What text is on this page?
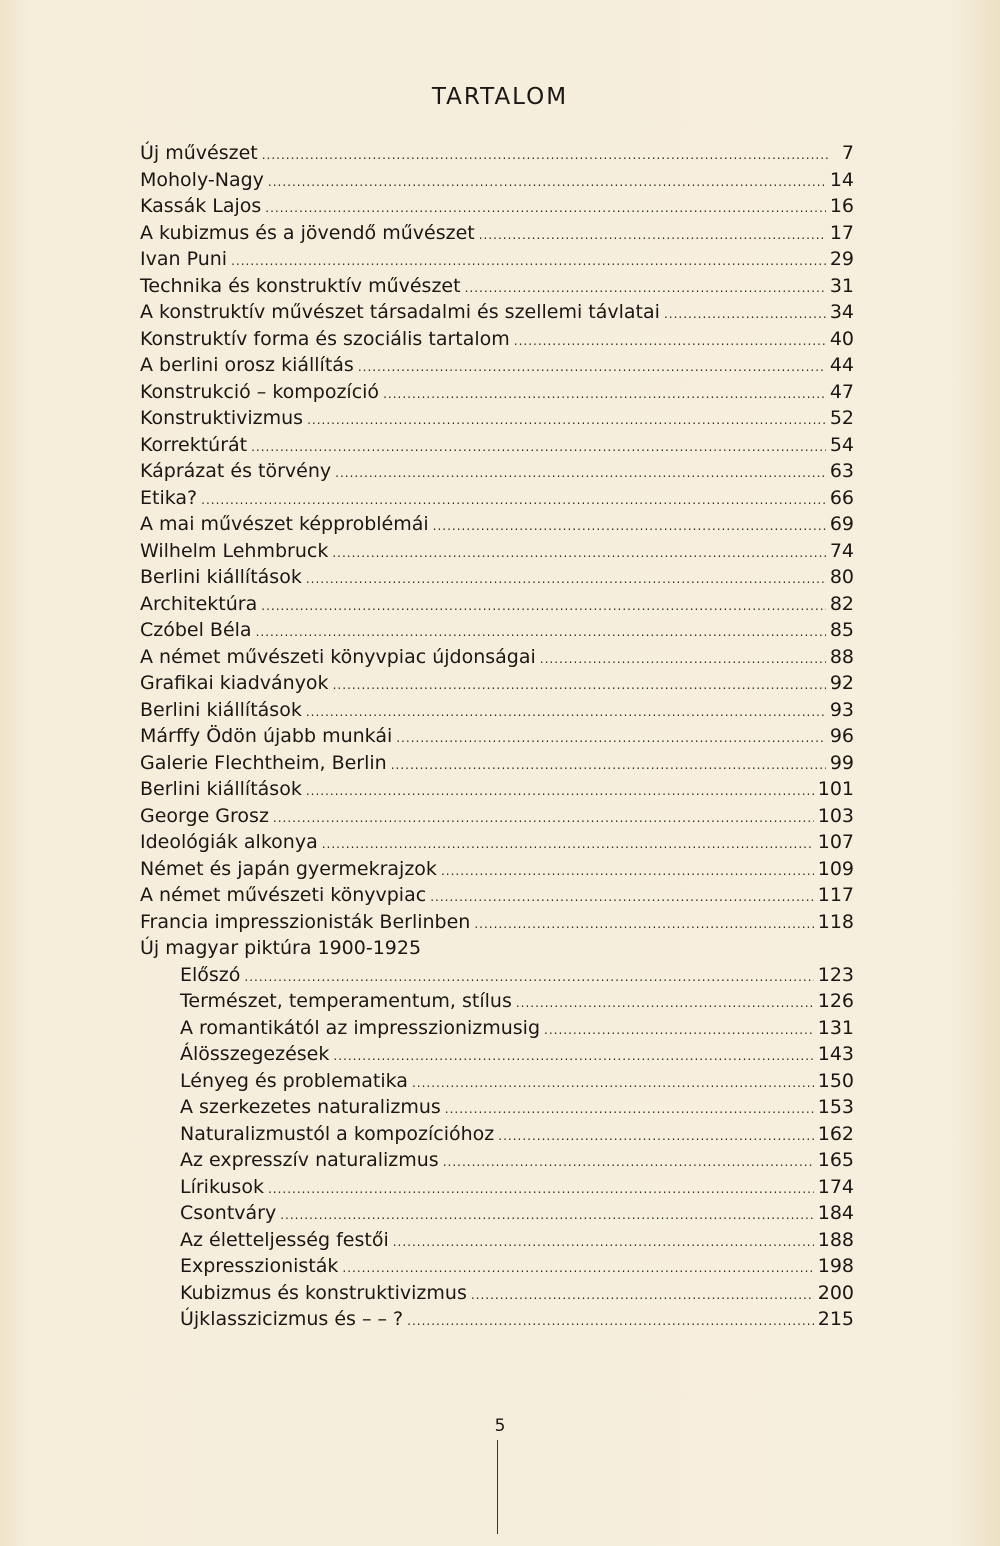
TARTALOM
Új művészet .....	7
Moholy-Nagy .....	14
Kassák Lajos .....	16
A kubizmus és a jövendő művészet .....	17
Ivan Puni .....	29
Technika és konstruktív művészet .....	31
A konstruktív művészet társadalmi és szellemi távlatai .....	34
Konstruktív forma és szociális tartalom .....	40
A berlini orosz kiállítás .....	44
Konstrukció – kompozíció .....	47
Konstruktivizmus .....	52
Korrektúrát .....	54
Káprázat és törvény .....	63
Etika? .....	66
A mai művészet képproblémái .....	69
Wilhelm Lehmbruck .....	74
Berlini kiállítások .....	80
Architektúra .....	82
Czóbel Béla .....	85
A német művészeti könyvpiac újdonságai .....	88
Grafikai kiadványok .....	92
Berlini kiállítások .....	93
Márffy Ödön újabb munkái .....	96
Galerie Flechtheim, Berlin .....	99
Berlini kiállítások .....	101
George Grosz .....	103
Ideológiák alkonya .....	107
Német és japán gyermekrajzok .....	109
A német művészeti könyvpiac .....	117
Francia impresszionisták Berlinben .....	118
Új magyar piktúra 1900-1925
Előszó .....	123
Természet, temperamentum, stílus .....	126
A romantikától az impresszionizmusig .....	131
Álösszegezések .....	143
Lényeg és problematika .....	150
A szerkezetes naturalizmus .....	153
Naturalizmustól a kompozícióhoz .....	162
Az expresszív naturalizmus .....	165
Lírikusok .....	174
Csontváry .....	184
Az életteljesség festői .....	188
Expresszionisták .....	198
Kubizmus és konstruktivizmus .....	200
Újklasszicizmus és – – ? .....	215
5
